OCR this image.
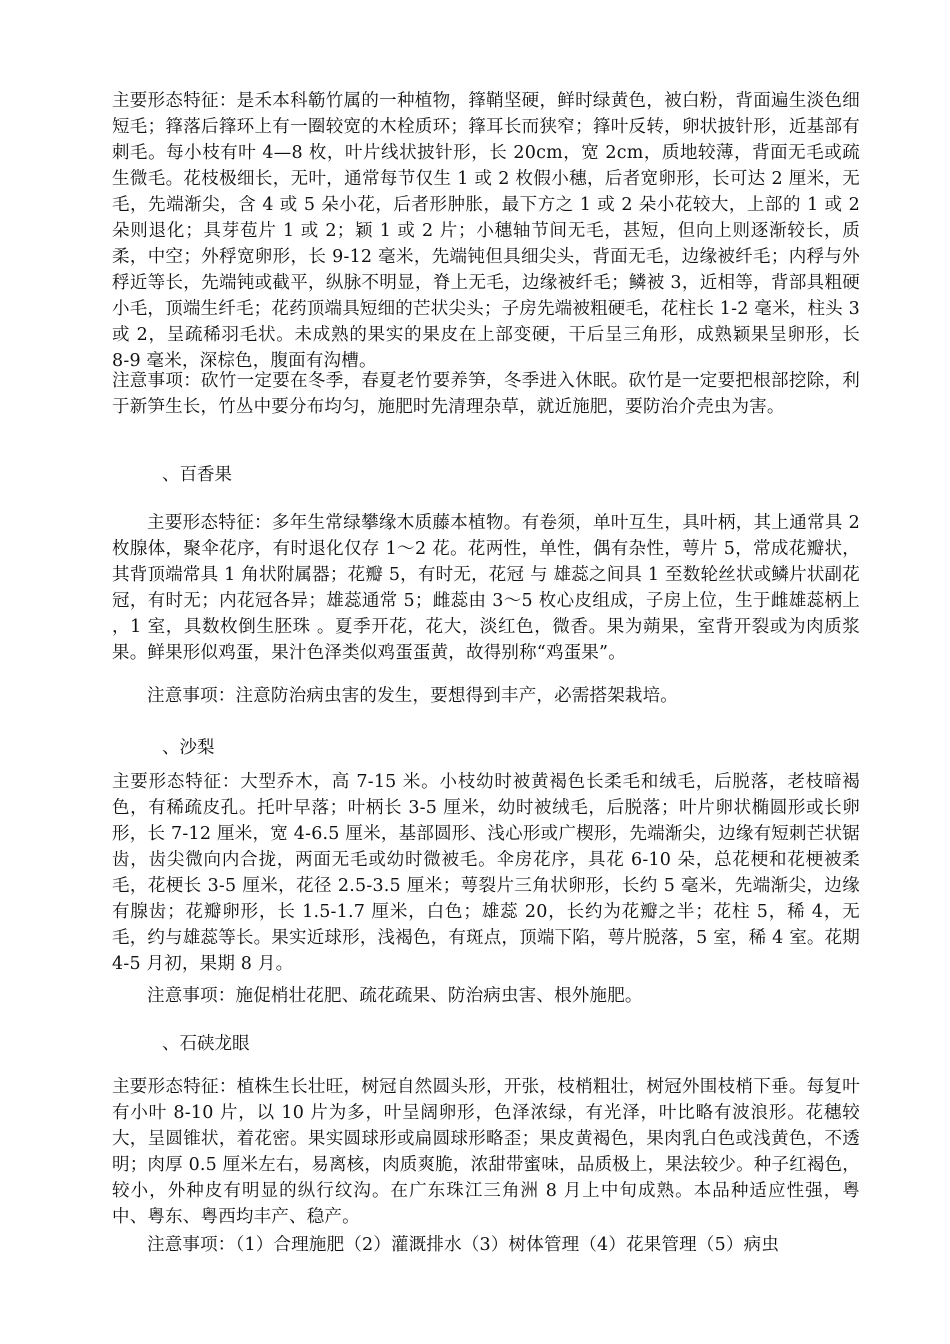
主要形态特征：是禾本科簕竹属的一种植物，箨鞘坚硬，鲜时绿黄色，被白粉，背面遍生淡色细短毛；箨落后箨环上有一圈较宽的木栓质环；箨耳长而狭窄；箨叶反转，卵状披针形，近基部有刺毛。每小枝有叶 4—8 枚，叶片线状披针形，长 20cm，宽 2cm，质地较薄，背面无毛或疏生微毛。花枝极细长，无叶，通常每节仅生 1 或 2 枚假小穗，后者宽卵形，长可达 2 厘米，无毛，先端渐尖，含 4 或 5 朵小花，后者形肿胀，最下方之 1 或 2 朵小花较大，上部的 1 或 2 朵则退化；具芽苞片 1 或 2；颖 1 或 2 片；小穗轴节间无毛，甚短，但向上则逐渐较长，质柔，中空；外稃宽卵形，长 9-12 毫米，先端钝但具细尖头，背面无毛，边缘被纤毛；内稃与外稃近等长，先端钝或截平，纵脉不明显，脊上无毛，边缘被纤毛；鳞被 3，近相等，背部具粗硬小毛，顶端生纤毛；花药顶端具短细的芒状尖头；子房先端被粗硬毛，花柱长 1-2 毫米，柱头 3 或 2，呈疏稀羽毛状。未成熟的果实的果皮在上部变硬，干后呈三角形，成熟颖果呈卵形，长 8-9 毫米，深棕色，腹面有沟槽。

注意事项：砍竹一定要在冬季，春夏老竹要养笋，冬季进入休眠。砍竹是一定要把根部挖除，利于新笋生长，竹丛中要分布均匀，施肥时先清理杂草，就近施肥，要防治介壳虫为害。

、百香果

主要形态特征：多年生常绿攀缘木质藤本植物。有卷须，单叶互生，具叶柄，其上通常具 2 枚腺体，聚伞花序，有时退化仅存 1～2 花。花两性，单性，偶有杂性，萼片 5，常成花瓣状，其背顶端常具 1 角状附属器；花瓣 5，有时无，花冠 与 雄蕊之间具 1 至数轮丝状或鳞片状副花冠，有时无；内花冠各异；雄蕊通常 5；雌蕊由 3～5 枚心皮组成，子房上位，生于雌雄蕊柄上 ，1 室，具数枚倒生胚珠 。夏季开花，花大，淡红色，微香。果为蒴果，室背开裂或为肉质浆果。鲜果形似鸡蛋，果汁色泽类似鸡蛋蛋黄，故得别称“鸡蛋果”。

注意事项：注意防治病虫害的发生，要想得到丰产，必需搭架栽培。

、沙梨

主要形态特征：大型乔木，高 7-15 米。小枝幼时被黄褐色长柔毛和绒毛，后脱落，老枝暗褐色，有稀疏皮孔。托叶早落；叶柄长 3-5 厘米，幼时被绒毛，后脱落；叶片卵状椭圆形或长卵形，长 7-12 厘米，宽 4-6.5 厘米，基部圆形、浅心形或广楔形，先端渐尖，边缘有短刺芒状锯齿，齿尖微向内合拢，两面无毛或幼时微被毛。伞房花序，具花 6-10 朵，总花梗和花梗被柔毛，花梗长 3-5 厘米，花径 2.5-3.5 厘米；萼裂片三角状卵形，长约 5 毫米，先端渐尖，边缘有腺齿；花瓣卵形，长 1.5-1.7 厘米，白色；雄蕊 20，长约为花瓣之半；花柱 5，稀 4，无毛，约与雄蕊等长。果实近球形，浅褐色，有斑点，顶端下陷，萼片脱落，5 室，稀 4 室。花期 4-5 月初，果期 8 月。

注意事项：施促梢壮花肥、疏花疏果、防治病虫害、根外施肥。

、石硖龙眼

主要形态特征：植株生长壮旺，树冠自然圆头形，开张，枝梢粗壮，树冠外围枝梢下垂。每复叶有小叶 8-10 片，以 10 片为多，叶呈阔卵形，色泽浓绿，有光泽，叶比略有波浪形。花穗较大，呈圆锥状，着花密。果实圆球形或扁圆球形略歪；果皮黄褐色，果肉乳白色或浅黄色，不透明；肉厚 0.5 厘米左右，易离核，肉质爽脆，浓甜带蜜味，品质极上，果法较少。种子红褐色，较小，外种皮有明显的纵行纹沟。在广东珠江三角洲 8 月上中旬成熟。本品种适应性强，粤中、粤东、粤西均丰产、稳产。

注意事项：（1）合理施肥（2）灌溉排水（3）树体管理（4）花果管理（5）病虫
